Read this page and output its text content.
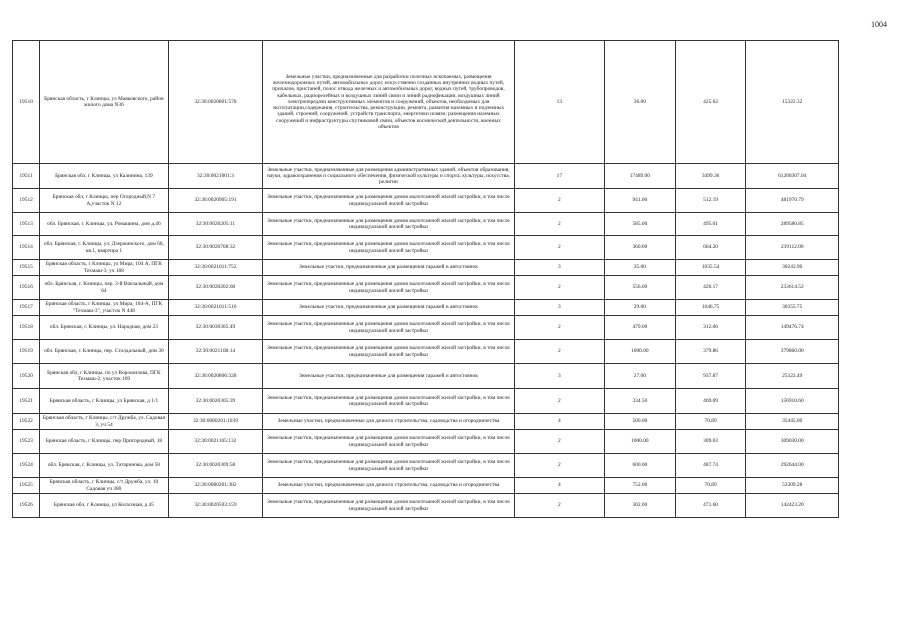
1004
19510	Брянская область, г Клинцы, ул Маяковского, район жилого дома N36	32:30:0020801:578	Земельные участки, предназначенные для разработки полезных ископаемых, размещения железнодорожных путей, автомобильных дорог, искусственно созданных внутренних водных путей, причалов, пристаней, полос отвода железных и автомобильных дорог, водных путей, трубопроводов, кабельных, радиорелейных и воздушных линий связи и линий радиофикации, воздушных линий электропередачи конструктивных элементов и сооружений, объектов, необходимых для эксплуатации,содержания, строительства, реконструкции, ремонта, развития наземных и подземных зданий, строений, сооружений, устройств транспорта, энергетики исвязи; размещения наземных сооружений и инфраструктуры спутниковой связи, объектов космической деятельности, военных объектов	13	36.00	425.62	15322.32
19511	Брянская обл, г Клинцы, ул Калинина, 139	32:30:0021001:3	Земельные участки, предназначенные для размещения административных зданий, объектов образования, науки, здравоохранения и социального обеспечения, физической культуры и спорта, культуры, искусства, религии	17	17489.00	3499.36	61200307.04
19512	Брянская обл, г Клинцы, пер Огородный,N 7 А,участок N 12	32:30:0020905:191	Земельные участки, предназначенные для размещения домов малоэтажной жилой застройки, в том числе индивидуальной жилой застройки	2	941.00	512.19	481970.79
19513	обл. Брянская, г. Клинцы, ул. Ромашина, дом д.46	32:30:0020205:11	Земельные участки, предназначенные для размещения домов малоэтажной жилой застройки, в том числе индивидуальной жилой застройки	2	585.00	495.01	289580.85
19514	обл. Брянская, г. Клинцы, ул. Дзержинского, дом 68, кв.1, квартира 1	32:30:0020708:32	Земельные участки, предназначенные для размещения домов малоэтажной жилой застройки, в том числе индивидуальной жилой застройки	2	360.00	664.20	239112.00
19515	Брянская область, г Клинцы, ул Мира, 104 А, ПГК Техмаш-3, уч 188	32:30:0021011:752	Земельные участки, предназначенные для размещения гаражей и автостоянок	3	35.00	1035.54	36243.90
19516	обл. Брянская, г. Клинцы, пер. 3-й Вокзальный, дом 64	32:30:0020202:60	Земельные участки, предназначенные для размещения домов малоэтажной жилой застройки, в том числе индивидуальной жилой застройки	2	556.00	420.17	233614.52
19517	Брянская область, г Клинцы, ул Мира, 104-А, ПГК "Техмаш-3", участок N 448	32:30:0021011:516	Земельные участки, предназначенные для размещения гаражей и автостоянок	3	29.00	1046.75	30355.75
19518	обл. Брянская, г. Клинцы, ул. Народная, дом 23	32:30:0030305:49	Земельные участки, предназначенные для размещения домов малоэтажной жилой застройки, в том числе индивидуальной жилой застройки	2	479.00	312.06	149476.74
19519	обл. Брянская, г. Клинцы, пер. Столдальный, дом 30	32:30:0021108:14	Земельные участки, предназначенные для размещения домов малоэтажной жилой застройки, в том числе индивидуальной жилой застройки	2	1000.00	379.86	379860.00
19520	Брянская обл, г Клинцы, по ул Ворошилова, ПГК Техмаш-2, участок 169	32:30:0020806:328	Земельные участки, предназначенные для размещения гаражей и автостоянок	3	27.00	937.87	25322.49
19521	Брянская область, г Клинцы, ул Брянская, д 1/1	32:30:0020305:39	Земельные участки, предназначенные для размещения домов малоэтажной жилой застройки, в том числе индивидуальной жилой застройки	2	334.50	469.09	156910.60
19522	Брянская область, г Клинцы, с/т Дружба, ул. Садовая 3, уч 54	32:30:0080201:1039	Земельные участки, предназначенные для дачного строительства, садоводства и огородничества	4	500.00	70.89	35445.00
19523	Брянская область, г Клинцы, пер Пригородный, 18	32:30:0021105:132	Земельные участки, предназначенные для размещения домов малоэтажной жилой застройки, в том числе индивидуальной жилой застройки	2	1000.00	309.03	309030.00
19524	обл. Брянская, г. Клинцы, ул. Татаринова, дом 58	32:30:0020309:58	Земельные участки, предназначенные для размещения домов малоэтажной жилой застройки, в том числе индивидуальной жилой застройки	2	600.00	487.74	292644.00
19525	Брянская область, г Клинцы, с/т Дружба, ул. 10 Садовая уч 380	32:30:0080201:382	Земельные участки, предназначенные для дачного строительства, садоводства и огородничества	4	752.00	70.89	53309.28
19526	Брянская обл, г Клинцы, ул Колхозная, д 45	32:30:0020503:159	Земельные участки, предназначенные для размещения домов малоэтажной жилой застройки, в том числе индивидуальной жилой застройки	2	302.00	471.60	142423.20
